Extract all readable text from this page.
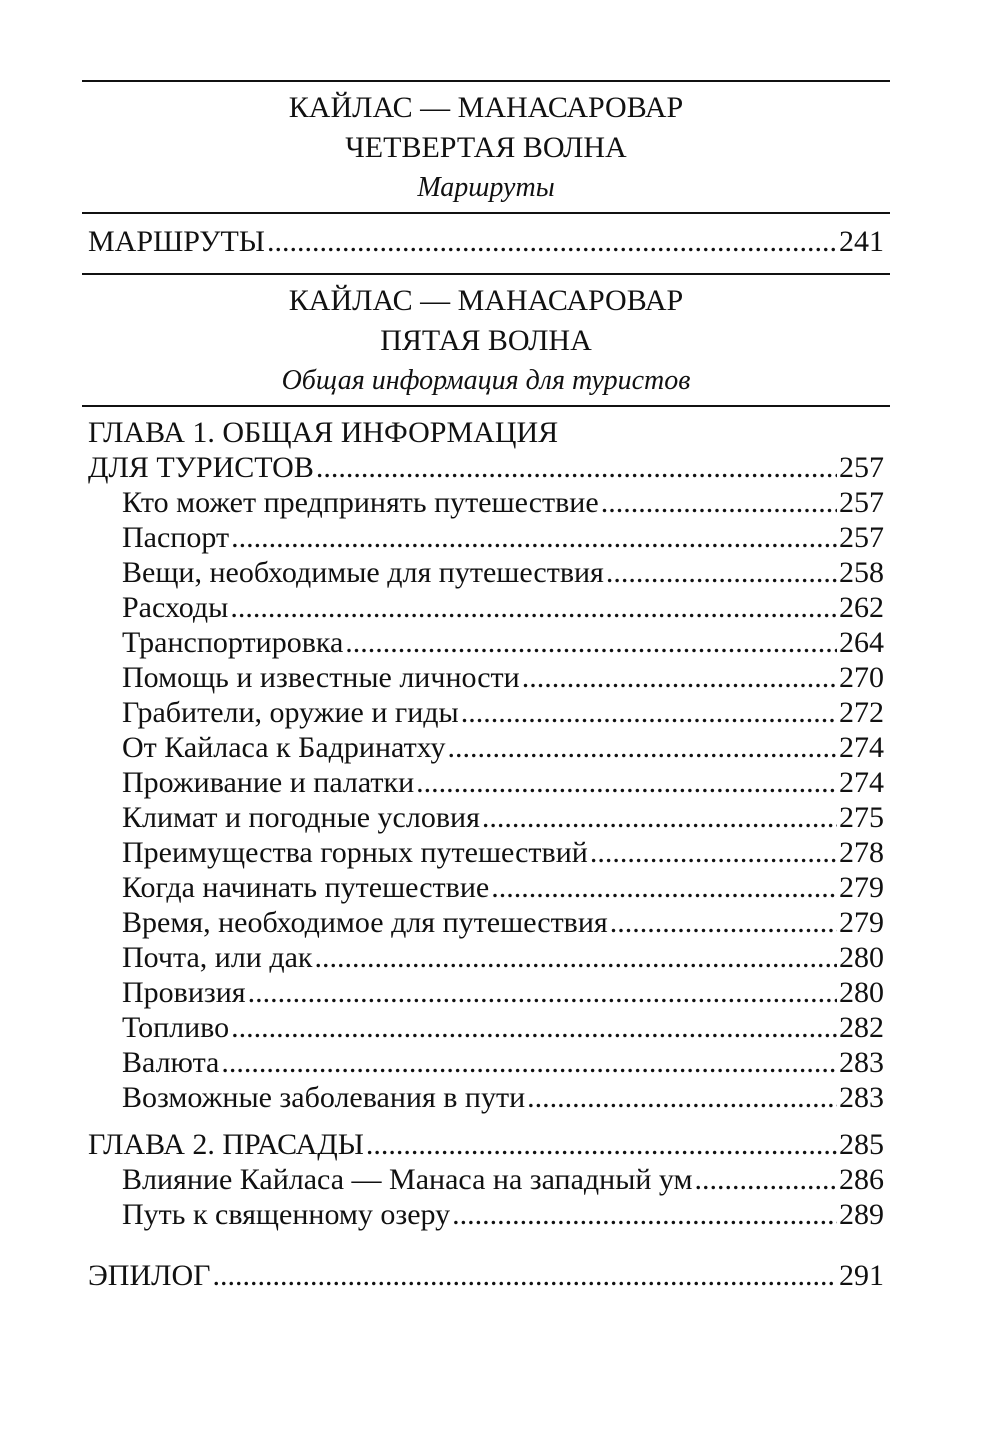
КАЙЛАС — МАНАСАРОВАР

ЧЕТВЕРТАЯ ВОЛНА

Маршруты

МАРШРУТЫ .....	241

КАЙЛАС — МАНАСАРОВАР

ПЯТАЯ ВОЛНА

Общая информация для туристов

ГЛАВА 1. ОБЩАЯ ИНФОРМАЦИЯ
ДЛЯ ТУРИСТОВ .....	257
Кто может предпринять путешествие .....	257
Паспорт .....	257
Вещи, необходимые для путешествия .....	258
Расходы .....	262
Транспортировка .....	264
Помощь и известные личности .....	270
Грабители, оружие и гиды .....	272
От Кайласа к Бадринатху .....	274
Проживание и палатки .....	274
Климат и погодные условия .....	275
Преимущества горных путешествий .....	278
Когда начинать путешествие .....	279
Время, необходимое для путешествия .....	279
Почта, или дак .....	280
Провизия .....	280
Топливо .....	282
Валюта .....	283
Возможные заболевания в пути .....	283
ГЛАВА 2. ПРАСАДЫ .....	285
Влияние Кайласа — Манаса на западный ум .....	286
Путь к священному озеру .....	289
ЭПИЛОГ .....	291
